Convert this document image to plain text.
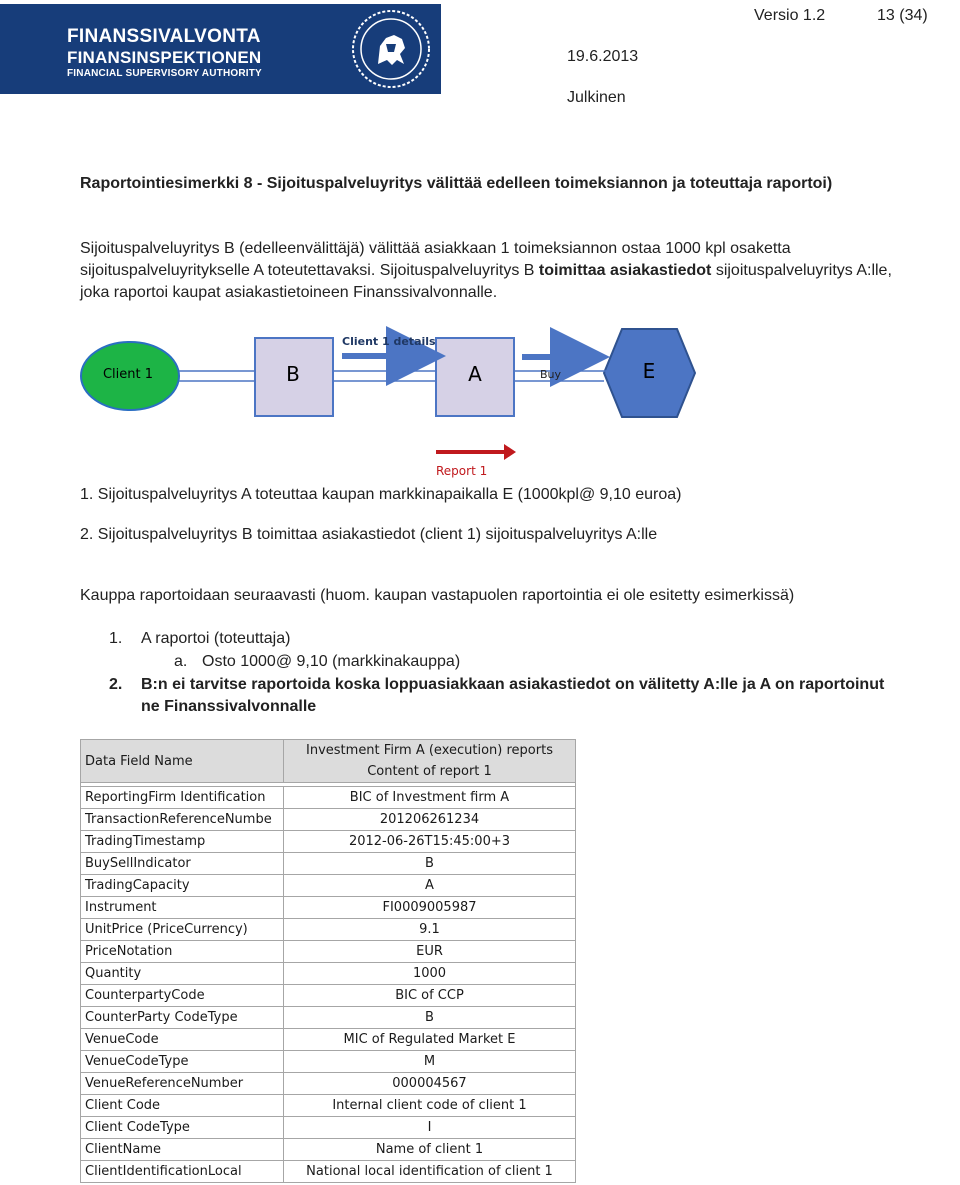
FINANSSIVALVONTA
FINANSINSPEKTIONEN
FINANCIAL SUPERVISORY AUTHORITY
Versio 1.2	13 (34)
19.6.2013
Julkinen
Raportointiesimerkki 8 - Sijoituspalveluyritys välittää edelleen toimeksiannon ja toteuttaja raportoi)
Sijoituspalveluyritys B (edelleenvälittäjä) välittää asiakkaan 1 toimeksiannon ostaa 1000 kpl osaketta sijoituspalveluyritykselle A toteutettavaksi. Sijoituspalveluyritys B toimittaa asiakastiedot sijoituspalveluyritys A:lle, joka raportoi kaupat asiakastietoineen Finanssivalvonnalle.
Client 1	B	A	E
Client 1 details
Buy
Report 1
1. Sijoituspalveluyritys A toteuttaa kaupan markkinapaikalla E (1000kpl@ 9,10 euroa)
2. Sijoituspalveluyritys B toimittaa asiakastiedot (client 1) sijoituspalveluyritys A:lle
Kauppa raportoidaan seuraavasti (huom. kaupan vastapuolen raportointia ei ole esitetty esimerkissä)
1. A raportoi (toteuttaja)
a. Osto 1000@ 9,10 (markkinakauppa)
2. B:n ei tarvitse raportoida koska loppuasiakkaan asiakastiedot on välitetty A:lle ja A on raportoinut ne Finanssivalvonnalle
Data Field Name	Investment Firm A (execution) reports
Content of report 1

ReportingFirm Identification	BIC of Investment firm A
TransactionReferenceNumbe	201206261234
TradingTimestamp	2012-06-26T15:45:00+3
BuySellIndicator	B
TradingCapacity	A
Instrument	FI0009005987
UnitPrice (PriceCurrency)	9.1
PriceNotation	EUR
Quantity	1000
CounterpartyCode	BIC of CCP
CounterParty CodeType	B
VenueCode	MIC of Regulated Market E
VenueCodeType	M
VenueReferenceNumber	000004567
Client Code	Internal client code of client 1
Client CodeType	I
ClientName	Name of client 1
ClientIdentificationLocal	National local identification of client 1
